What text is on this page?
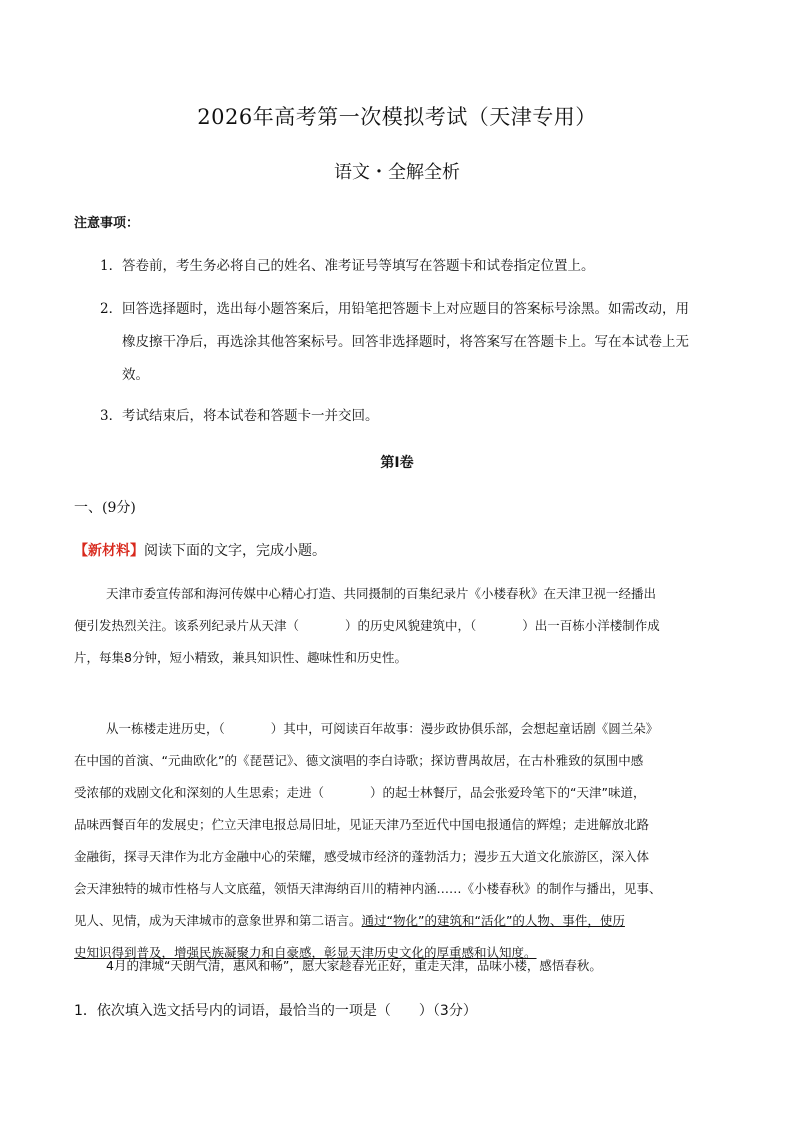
2026年高考第一次模拟考试（天津专用）
语文・全解全析
注意事项：
1．答卷前，考生务必将自己的姓名、准考证号等填写在答题卡和试卷指定位置上。
2．回答选择题时，选出每小题答案后，用铅笔把答题卡上对应题目的答案标号涂黑。如需改动，用
橡皮擦干净后，再选涂其他答案标号。回答非选择题时，将答案写在答题卡上。写在本试卷上无
效。
3．考试结束后，将本试卷和答题卡一并交回。
第Ⅰ卷
一、(9分)
【新材料】阅读下面的文字，完成小题。

天津市委宣传部和海河传媒中心精心打造、共同摄制的百集纪录片《小楼春秋》在天津卫视一经播出

便引发热烈关注。该系列纪录片从天津（	）的历史风貌建筑中，（	）出一百栋小洋楼制作成

片，每集8分钟，短小精致，兼具知识性、趣味性和历史性。

从一栋楼走进历史，（	）其中，可阅读百年故事：漫步政协俱乐部，会想起童话剧《圆兰朵》

在中国的首演、“元曲欧化”的《琵琶记》、德文演唱的李白诗歌；探访曹禺故居，在古朴雅致的氛围中感

受浓郁的戏剧文化和深刻的人生思索；走进（	）的起士林餐厅，品会张爱玲笔下的“天津”味道，

品味西餐百年的发展史；伫立天津电报总局旧址，见证天津乃至近代中国电报通信的辉煌；走进解放北路

金融街，探寻天津作为北方金融中心的荣耀，感受城市经济的蓬勃活力；漫步五大道文化旅游区，深入体

会天津独特的城市性格与人文底蕴，领悟天津海纳百川的精神内涵……《小楼春秋》的制作与播出，见事、

见人、见情，成为天津城市的意象世界和第二语言。通过“物化”的建筑和“活化”的人物、事件，使历

史知识得到普及，增强民族凝聚力和自豪感，彰显天津历史文化的厚重感和认知度。

4月的津城“天朗气清，惠风和畅”，愿大家趁春光正好，重走天津，品味小楼，感悟春秋。

1．依次填入选文括号内的词语，最恰当的一项是（　　）（3分）
